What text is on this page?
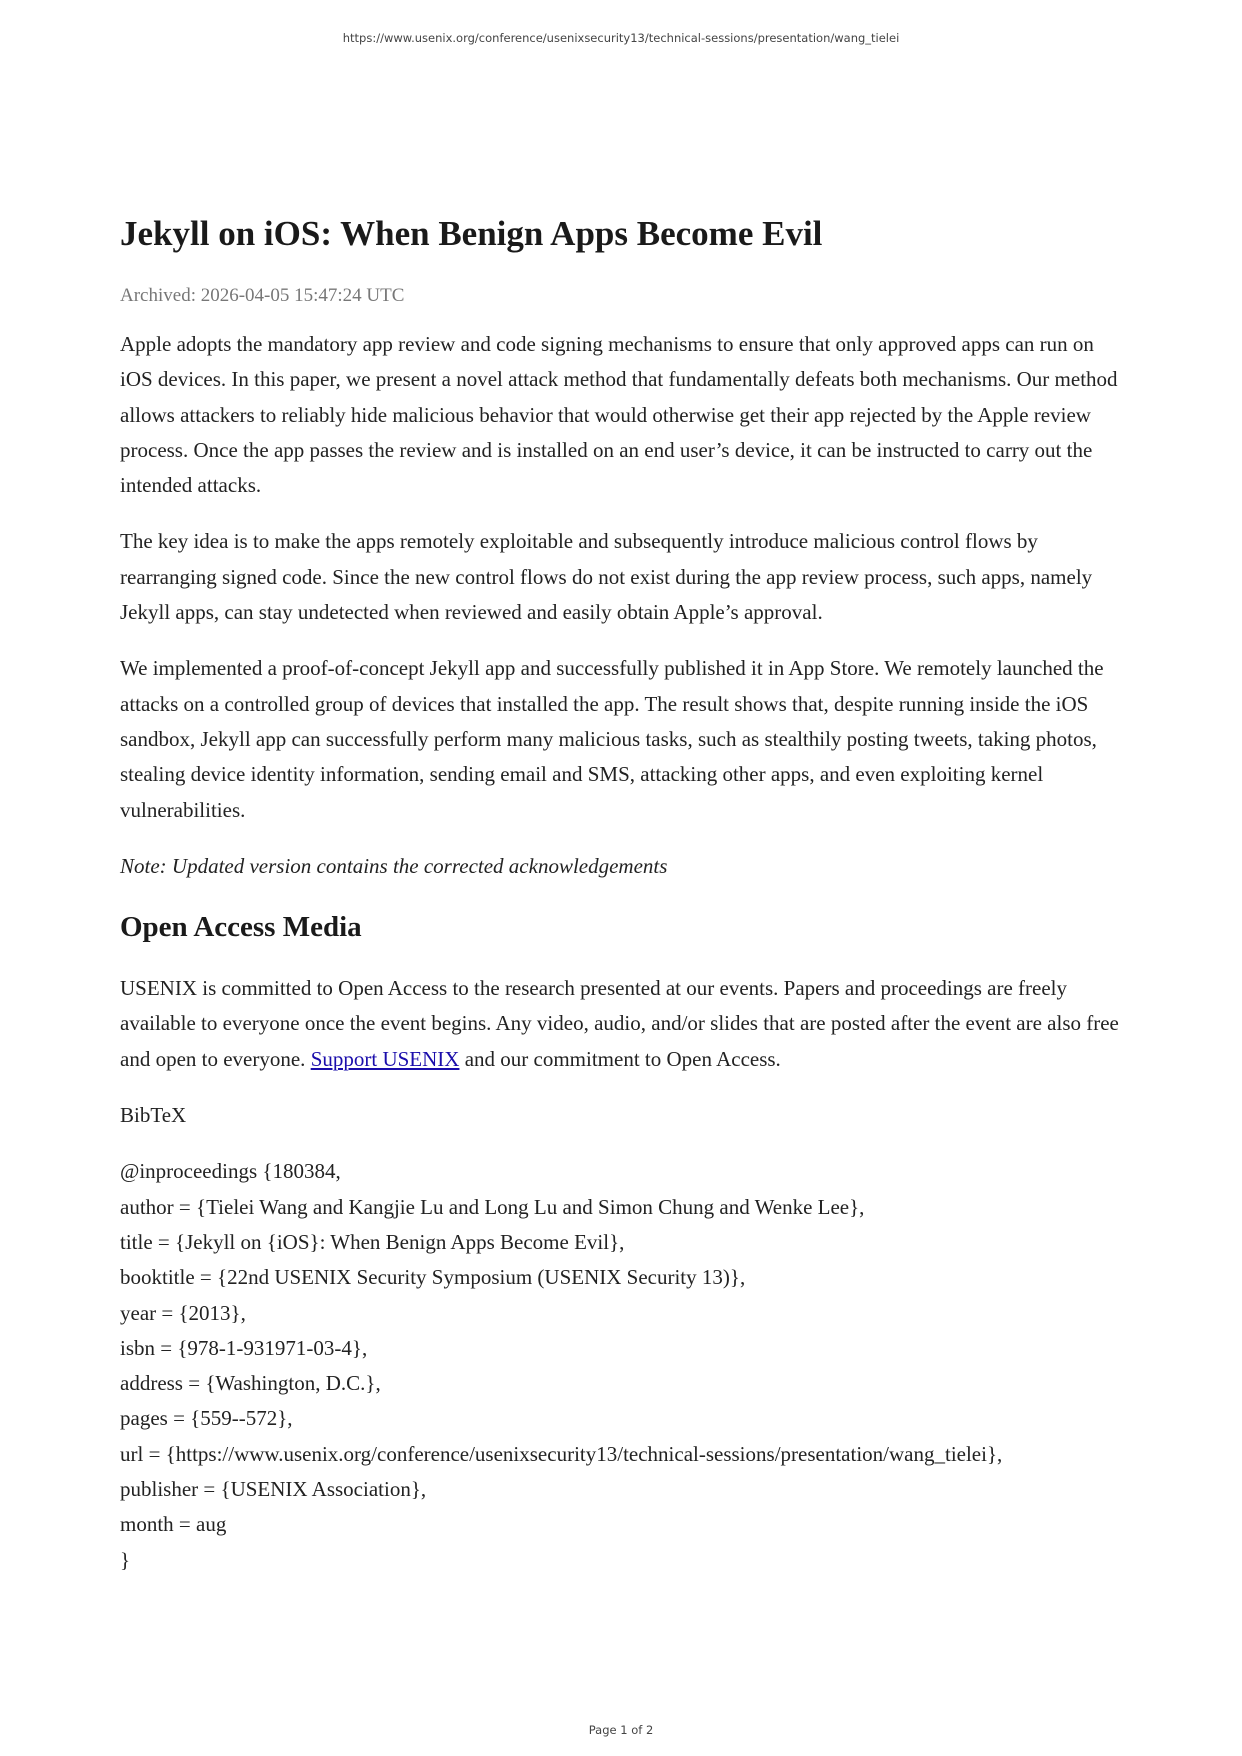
https://www.usenix.org/conference/usenixsecurity13/technical-sessions/presentation/wang_tielei
Jekyll on iOS: When Benign Apps Become Evil
Archived: 2026-04-05 15:47:24 UTC

Apple adopts the mandatory app review and code signing mechanisms to ensure that only approved apps can run on iOS devices. In this paper, we present a novel attack method that fundamentally defeats both mechanisms. Our method allows attackers to reliably hide malicious behavior that would otherwise get their app rejected by the Apple review process. Once the app passes the review and is installed on an end user’s device, it can be instructed to carry out the intended attacks.

The key idea is to make the apps remotely exploitable and subsequently introduce malicious control flows by rearranging signed code. Since the new control flows do not exist during the app review process, such apps, namely Jekyll apps, can stay undetected when reviewed and easily obtain Apple’s approval.

We implemented a proof-of-concept Jekyll app and successfully published it in App Store. We remotely launched the attacks on a controlled group of devices that installed the app. The result shows that, despite running inside the iOS sandbox, Jekyll app can successfully perform many malicious tasks, such as stealthily posting tweets, taking photos, stealing device identity information, sending email and SMS, attacking other apps, and even exploiting kernel vulnerabilities.

Note: Updated version contains the corrected acknowledgements

Open Access Media

USENIX is committed to Open Access to the research presented at our events. Papers and proceedings are freely available to everyone once the event begins. Any video, audio, and/or slides that are posted after the event are also free and open to everyone. Support USENIX and our commitment to Open Access.

BibTeX

@inproceedings {180384,
author = {Tielei Wang and Kangjie Lu and Long Lu and Simon Chung and Wenke Lee},
title = {Jekyll on {iOS}: When Benign Apps Become Evil},
booktitle = {22nd USENIX Security Symposium (USENIX Security 13)},
year = {2013},
isbn = {978-1-931971-03-4},
address = {Washington, D.C.},
pages = {559--572},
url = {https://www.usenix.org/conference/usenixsecurity13/technical-sessions/presentation/wang_tielei},
publisher = {USENIX Association},
month = aug
}
Page 1 of 2
